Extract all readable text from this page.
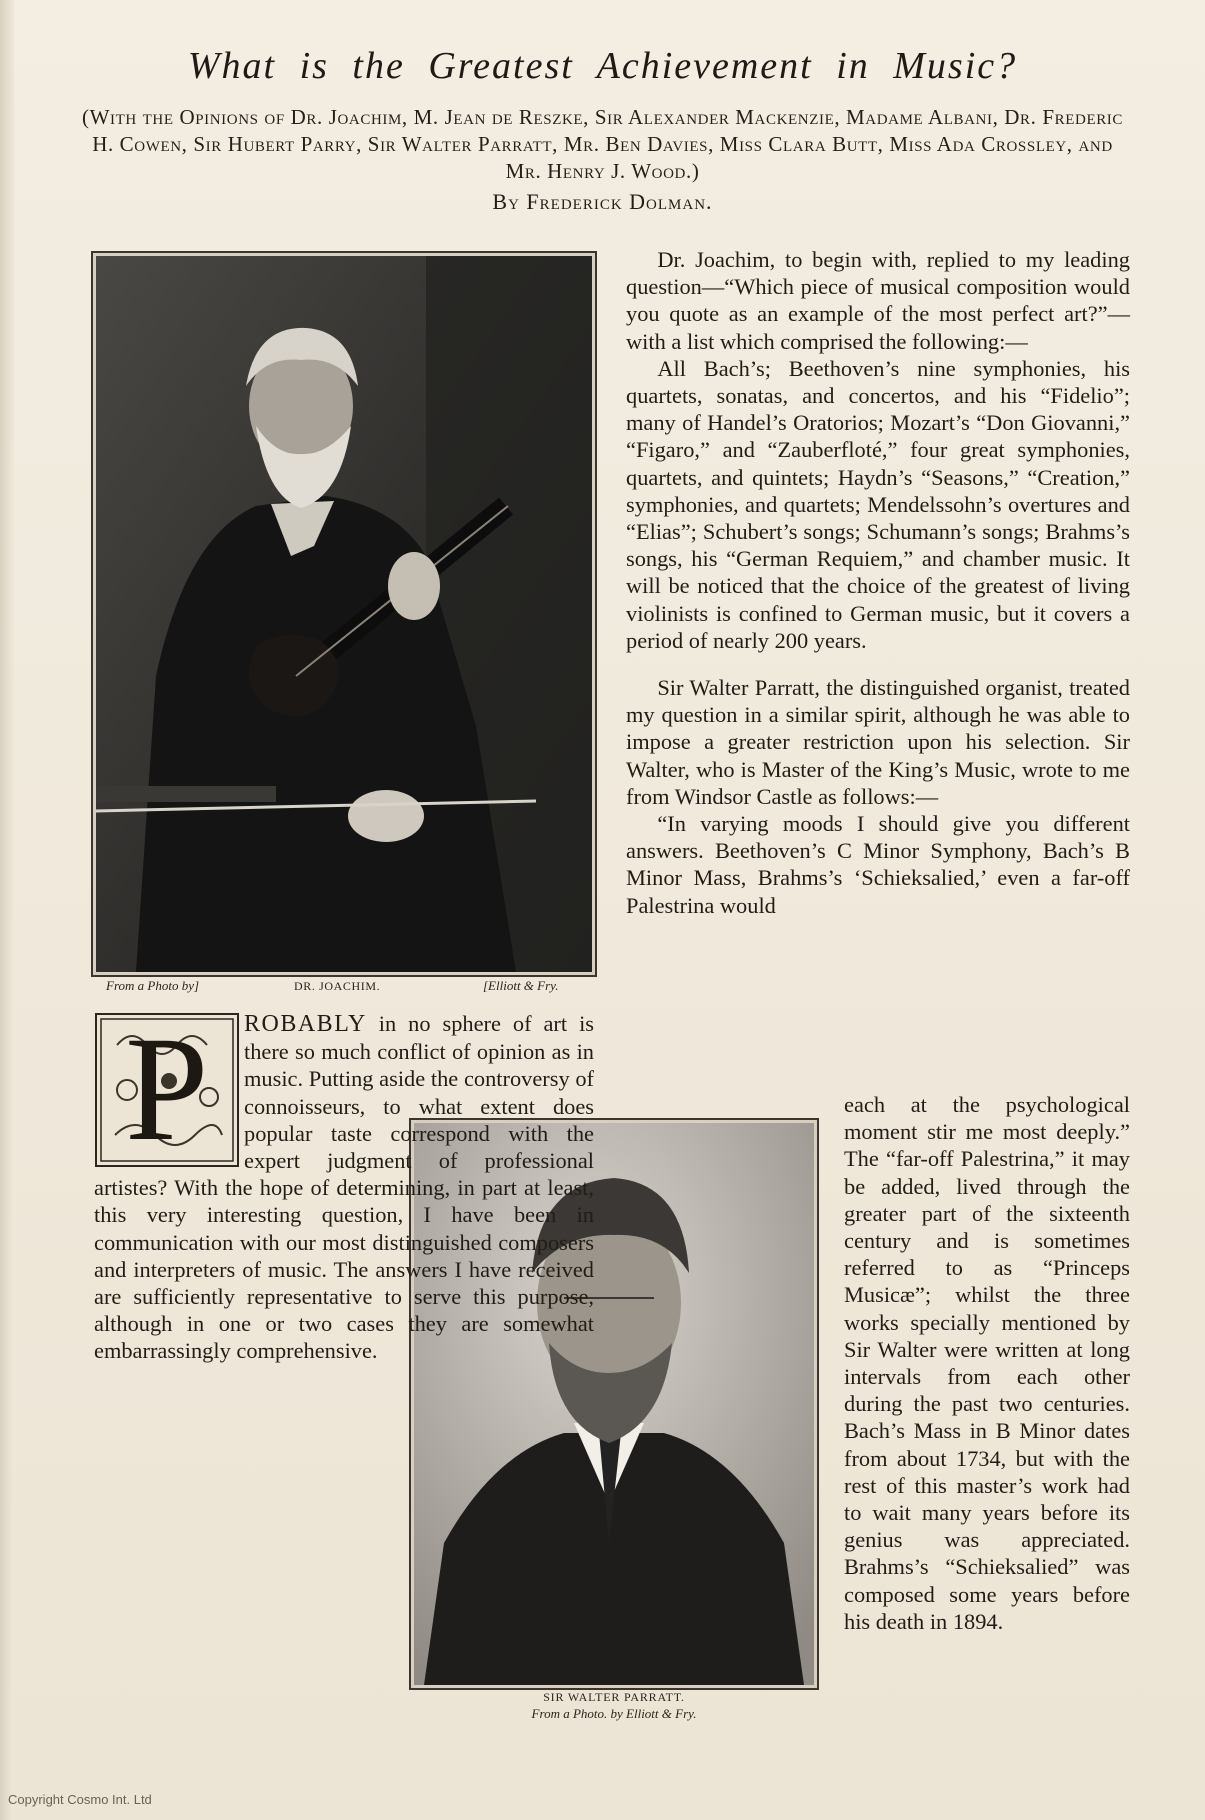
What is the Greatest Achievement in Music?
(With the Opinions of Dr. Joachim, M. Jean de Reszke, Sir Alexander Mackenzie, Madame Albani, Dr. Frederic H. Cowen, Sir Hubert Parry, Sir Walter Parratt, Mr. Ben Davies, Miss Clara Butt, Miss Ada Crossley, and Mr. Henry J. Wood.)
By Frederick Dolman.
From a Photo by]	DR. JOACHIM.	[Elliott & Fry.
SIR WALTER PARRATT.
From a Photo. by Elliott & Fry.
P	ROBABLY in no sphere of art is there so much conflict of opinion as in music. Putting aside the controversy of connoisseurs, to what extent does popular taste correspond with the expert judgment of professional artistes? With the hope of determining, in part at least, this very interesting question, I have been in communication with our most distinguished composers and interpreters of music. The answers I have received are sufficiently representative to serve this purpose, although in one or two cases they are somewhat embarrassingly comprehensive.

Dr. Joachim, to begin with, replied to my leading question—“Which piece of musical composition would you quote as an example of the most perfect art?”—with a list which comprised the following:—

All Bach’s; Beethoven’s nine symphonies, his quartets, sonatas, and concertos, and his “Fidelio”; many of Handel’s Oratorios; Mozart’s “Don Giovanni,” “Figaro,” and “Zauberfloté,” four great symphonies, quartets, and quintets; Haydn’s “Seasons,” “Creation,” symphonies, and quartets; Mendelssohn’s overtures and “Elias”; Schubert’s songs; Schumann’s songs; Brahms’s songs, his “German Requiem,” and chamber music. It will be noticed that the choice of the greatest of living violinists is confined to German music, but it covers a period of nearly 200 years.

Sir Walter Parratt, the distinguished organist, treated my question in a similar spirit, although he was able to impose a greater restriction upon his selection. Sir Walter, who is Master of the King’s Music, wrote to me from Windsor Castle as follows:—

“In varying moods I should give you different answers. Beethoven’s C Minor Symphony, Bach’s B Minor Mass, Brahms’s ‘Schieksalied,’ even a far-off Palestrina would

each at the psychological moment stir me most deeply.” The “far-off Palestrina,” it may be added, lived through the greater part of the sixteenth century and is sometimes referred to as “Princeps Musicæ”; whilst the three works specially mentioned by Sir Walter were written at long intervals from each other during the past two centuries. Bach’s Mass in B Minor dates from about 1734, but with the rest of this master’s work had to wait many years before its genius was appreciated. Brahms’s “Schieksalied” was composed some years before his death in 1894.

Copyright Cosmo Int. Ltd
